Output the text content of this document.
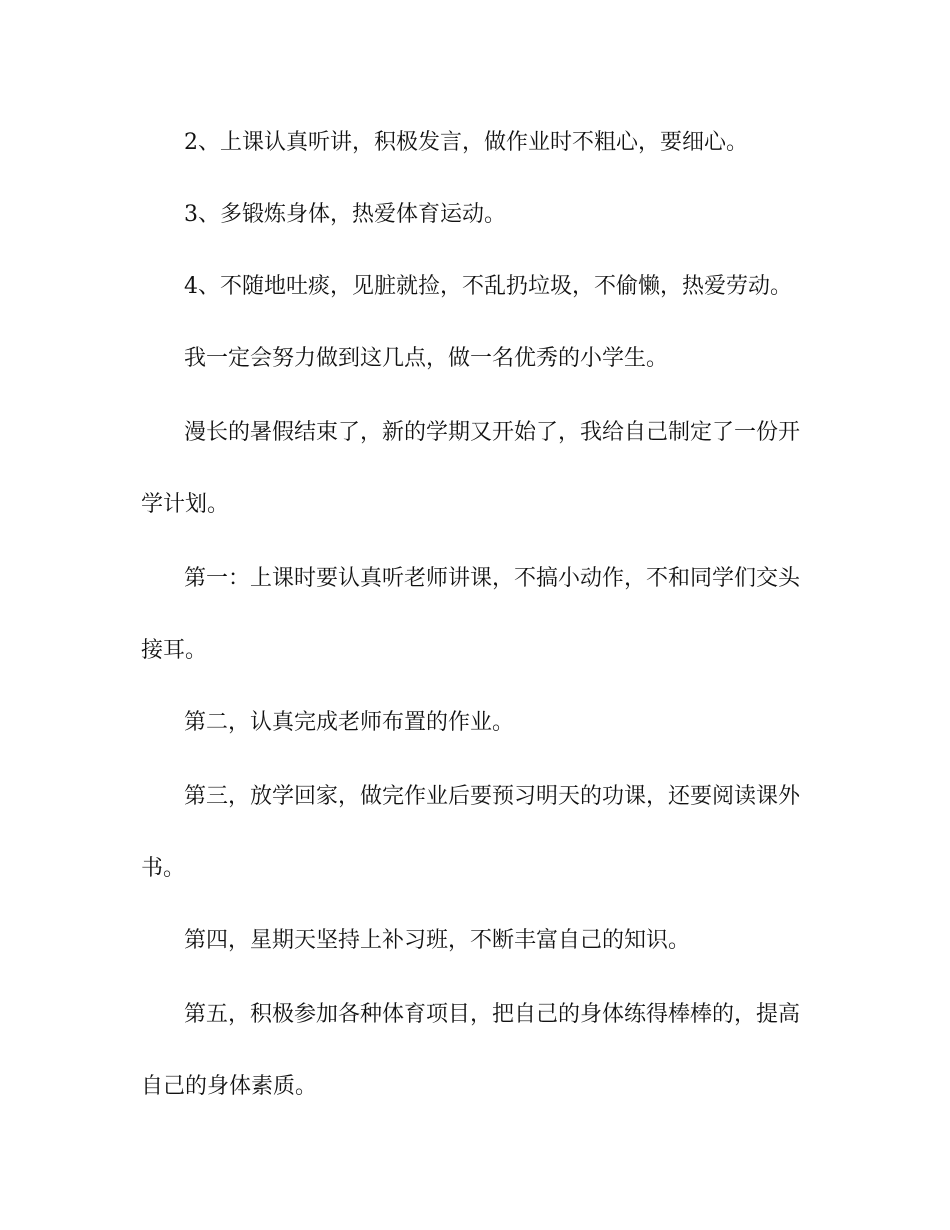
2、上课认真听讲，积极发言，做作业时不粗心，要细心。
3、多锻炼身体，热爱体育运动。
4、不随地吐痰，见脏就捡，不乱扔垃圾，不偷懒，热爱劳动。
我一定会努力做到这几点，做一名优秀的小学生。
漫长的暑假结束了，新的学期又开始了，我给自己制定了一份开
学计划。
第一：上课时要认真听老师讲课，不搞小动作，不和同学们交头
接耳。
第二，认真完成老师布置的作业。
第三，放学回家，做完作业后要预习明天的功课，还要阅读课外
书。
第四，星期天坚持上补习班，不断丰富自己的知识。
第五，积极参加各种体育项目，把自己的身体练得棒棒的，提高
自己的身体素质。
